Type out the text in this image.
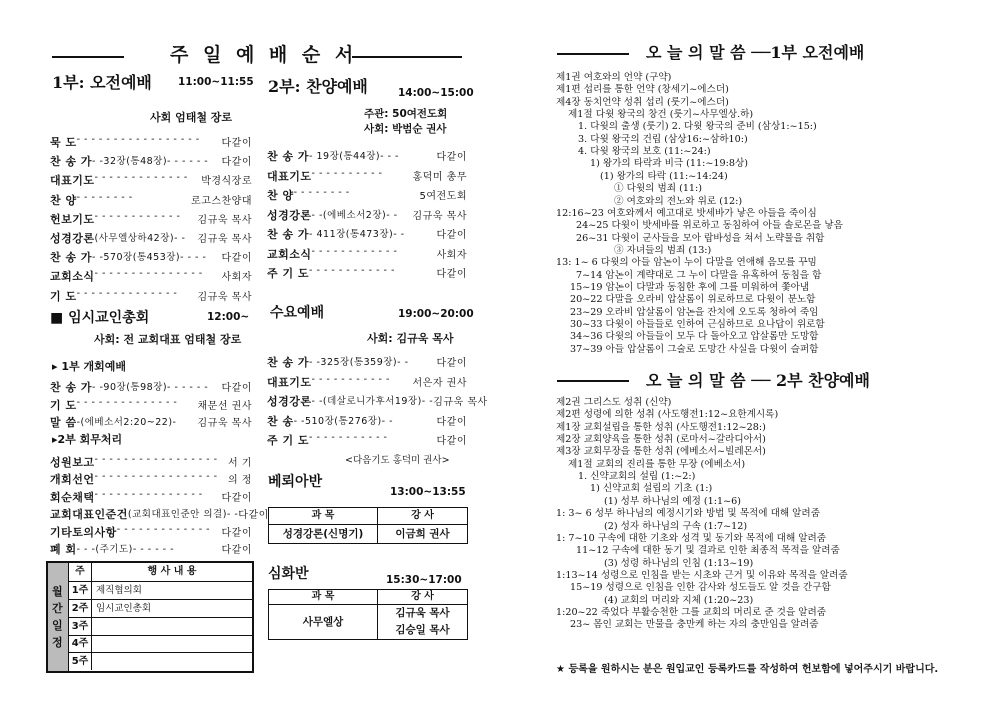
주 일 예 배 순 서
1부: 오전예배 11:00~11:55
사회 엄태철 장로
묵 도 - - - - - - - - - - - - - - - - -	다같이
찬 송 가 - -32장(통48장)- - - - - -	다같이
대표기도 - - - - - - - - - - - - -	박경식장로
찬 양 - - - - - - - -	로고스찬양대
헌보기도 - - - - - - - - - - - -	김규욱 목사
성경강론 (사무엘상하42장)- -	김규욱 목사
찬 송 가 - -570장(통453장)- - - -	다같이
교회소식 - - - - - - - - - - - - - - -	사회자
기 도 - - - - - - - - - - - - - -	김규욱 목사
■ 임시교인총회	12:00~
사회: 전 교회대표 엄태철 장로
▸ 1부 개회예배
찬 송 가 - -90장(통98장)- - - - - -	다같이
기 도 - - - - - - - - - - - - - -	채문선 권사
말 씀 -(에베소서2:20~22)-	김규욱 목사
▸2부 회무처리
성원보고 - - - - - - - - - - - - - - - - -	서 기
개회선언 - - - - - - - - - - - - - - - - -	의 정
회순채택 - - - - - - - - - - - - - - -	다같이
교회대표인준건 (교회대표인준안 의결)- - 다같이
기타토의사항 - - - - - - - - - - - - -	다같이
폐 회 - - -(주기도)- - - - - -	다같이
월간일정
주	행 사 내 용
1주 제직협의회
2주 임시교인총회
3주
4주
5주
2부: 찬양예배	14:00~15:00
주관: 50여전도회
사회: 박범순 권사
찬 송 가 - 19장(통44장)- - -	다같이
대표기도 - - - - - - - - - -	홍덕미 총무
찬 양 - - - - - - - -	5여전도회
성경강론 - -(에베소서2장)- -	김규욱 목사
찬 송 가 - 411장(통473장)- -	다같이
교회소식 - - - - - - - - - - - -	사회자
주 기 도 - - - - - - - - - - - -	다같이
수요예배	19:00~20:00
사회: 김규욱 목사
찬 송 가 - -325장(통359장)- -	다같이
대표기도 - - - - - - - - - - -	서은자 권사
성경강론 - -(데살로니가후서19장)- - 김규욱 목사
찬 송 - -510장(통276장)- -	다같이
주 기 도 - - - - - - - - - - -	다같이
<다음기도 홍덕미 권사>
베뢰아반
13:00~13:55
과 목	강 사
성경강론(신명기)	이금희 권사
심화반	15:30~17:00
과 목	강 사
사무엘상
김규욱 목사
김승일 목사
오 늘 의 말 씀 ──1부 오전예배
제1권 여호와의 언약 (구약)
제1편 섭리를 통한 언약 (창세기~에스더)
제4장 동치언약 성취 섭리 (룻기~에스더)
제1절 다윗 왕국의 창건 (룻기~사무엘상.하)
1. 다윗의 출생 (룻기) 2. 다윗 왕국의 준비 (삼상1:~15:)
3. 다윗 왕국의 건립 (삼상16:~삼하10:)
4. 다윗 왕국의 보호 (11:~24:)
1) 왕가의 타락과 비극 (11:~19:8상)
(1) 왕가의 타락 (11:~14:24)
① 다윗의 범죄 (11:)
② 여호와의 전노와 위로 (12:)
12:16~23 여호와께서 예고대로 밧세바가 낳은 아들을 죽이심
24~25 다윗이 밧세바를 위로하고 동침하여 아들 솔로몬을 낳음
26~31 다윗이 군사들을 모아 랍바성을 쳐서 노략물을 취함
③ 자녀들의 범죄 (13:)
13: 1~ 6 다윗의 아들 암논이 누이 다말을 연애해 음모를 꾸밈
7~14 암논이 계략대로 그 누이 다말을 유혹하여 동침을 함
15~19 암논이 다말과 동침한 후에 그를 미워하여 쫓아냄
20~22 다말을 오라비 압살롬이 위로하므로 다윗이 분노함
23~29 오라비 압살롬이 암논을 잔치에 오도록 청하여 죽임
30~33 다윗이 아들들로 인하여 근심하므로 요나답이 위로함
34~36 다윗의 아들들이 모두 다 돌아오고 압살롬만 도망함
37~39 아들 압살롬이 그술로 도망간 사실을 다윗이 슬퍼함
오 늘 의 말 씀 ── 2부 찬양예배
제2권 그리스도 성취 (신약)
제2편 성령에 의한 성취 (사도행전1:12~요한계시록)
제1장 교회설립을 통한 성취 (사도행전1:12~28:)
제2장 교회양육을 통한 성취 (로마서~갈라디아서)
제3장 교회무장을 통한 성취 (에베소서~빌레몬서)
제1절 교회의 진리를 통한 무장 (에베소서)
1. 신약교회의 설립 (1:~2:)
1) 신약교회 설립의 기초 (1:)
(1) 성부 하나님의 예정 (1:1~6)
1: 3~ 6 성부 하나님의 예정시기와 방법 및 목적에 대해 알려줌
(2) 성자 하나님의 구속 (1:7~12)
1: 7~10 구속에 대한 기초와 성격 및 동기와 목적에 대해 알려줌
11~12 구속에 대한 동기 및 결과로 인한 최종적 목적을 알려줌
(3) 성령 하나님의 인침 (1:13~19)
1:13~14 성령으로 인침을 받는 시초와 근거 및 이유와 목적을 알려줌
15~19 성령으로 인침을 인한 감사와 성도들도 알 것을 간구함
(4) 교회의 머리와 지체 (1:20~23)
1:20~22 죽었다 부활승천한 그를 교회의 머리로 준 것을 알려줌
23~ 몸인 교회는 만물을 충만케 하는 자의 충만임을 알려줌
★ 등록을 원하시는 분은 원입교인 등록카드를 작성하여 헌보함에 넣어주시기 바랍니다.
